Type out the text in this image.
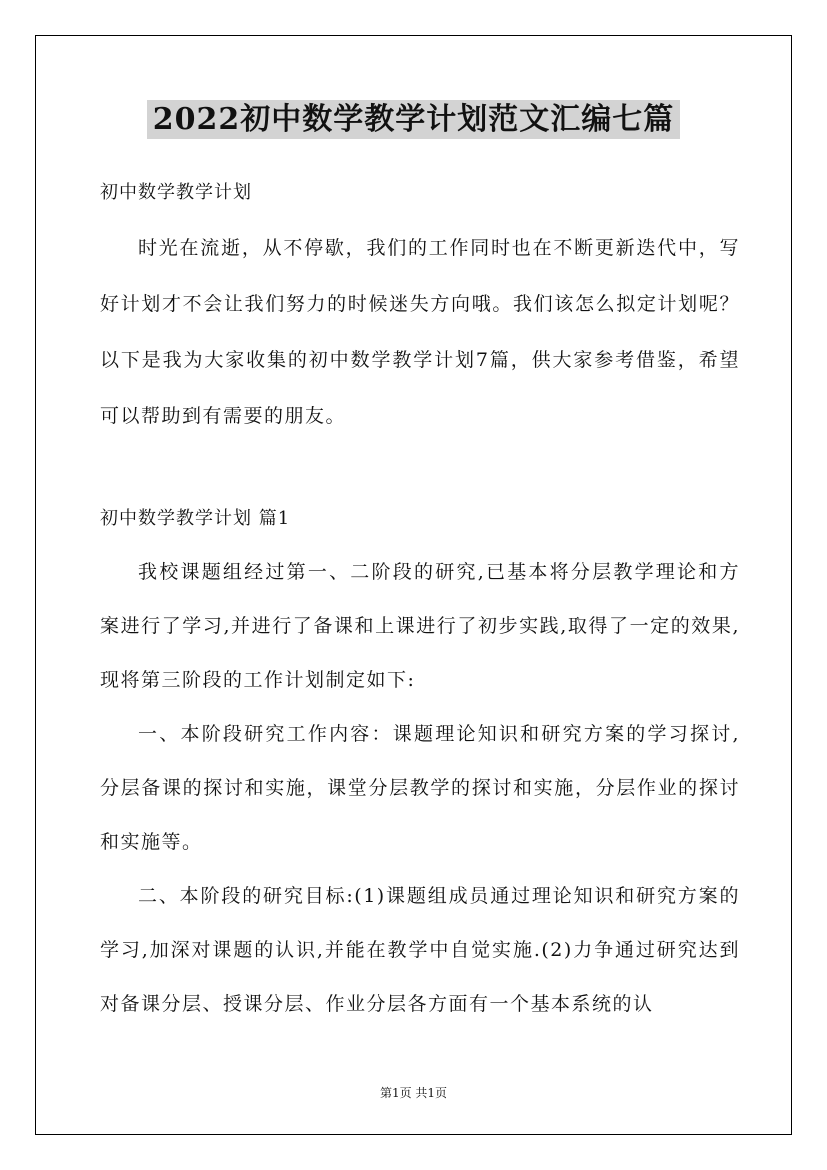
2022初中数学教学计划范文汇编七篇
初中数学教学计划

时光在流逝，从不停歇，我们的工作同时也在不断更新迭代中，写好计划才不会让我们努力的时候迷失方向哦。我们该怎么拟定计划呢？以下是我为大家收集的初中数学教学计划7篇，供大家参考借鉴，希望可以帮助到有需要的朋友。

初中数学教学计划 篇1

我校课题组经过第一、二阶段的研究,已基本将分层教学理论和方案进行了学习,并进行了备课和上课进行了初步实践,取得了一定的效果,现将第三阶段的工作计划制定如下:

一、本阶段研究工作内容：课题理论知识和研究方案的学习探讨,分层备课的探讨和实施，课堂分层教学的探讨和实施，分层作业的探讨和实施等。

二、本阶段的研究目标:(1)课题组成员通过理论知识和研究方案的学习,加深对课题的认识,并能在教学中自觉实施.(2)力争通过研究达到对备课分层、授课分层、作业分层各方面有一个基本系统的认

第1页 共1页
